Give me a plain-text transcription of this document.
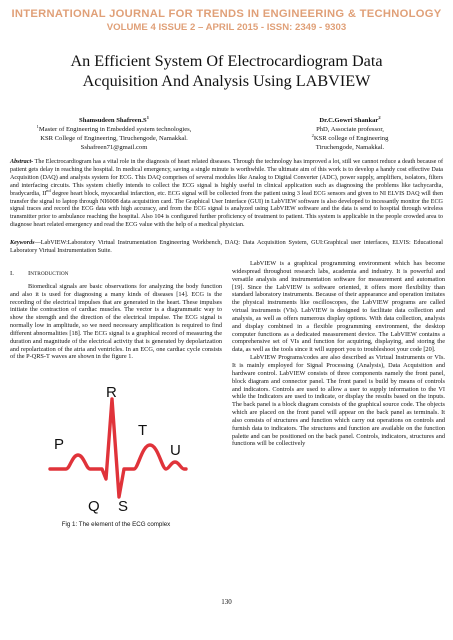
INTERNATIONAL JOURNAL FOR TRENDS IN ENGINEERING & TECHNOLOGY
VOLUME 4 ISSUE 2 – APRIL 2015 - ISSN: 2349 - 9303
An Efficient System Of Electrocardiogram Data
Acquisition And Analysis Using LABVIEW
Shamsudeen $Shafreen.S^1$
$^1$Master of Engineering in Embedded system technologies,
KSR College of Engineering, Tiruchengode, Namakkal.
Sshafreen71@gmail.com
Dr.C.Gowri Shankar$^2$
PhD, Associate professor,
$^2$KSR college of Engineering
Tiruchengode, Namakkal.
Abstract- The Electrocardiogram has a vital role in the diagnosis of heart related diseases. Through the technology has improved a lot, still we cannot reduce a death because of patient gets delay in reaching the hospital. In medical emergency, saving a single minute is worthwhile. The ultimate aim of this work is to develop a handy cost effective Data Acquisition (DAQ) and analysis system for ECG. This DAQ comprises of several modules like Analog to Digital Converter (ADC), power supply, amplifiers, isolators, filters and interfacing circuits. This system chiefly intends to collect the ECG signal is highly useful in clinical application such as diagnosing the problems like tachycardia, bradycardia, IInd degree heart block, myocardial infarction, etc. ECG signal will be collected from the patient using 3 lead ECG sensors and given to NI ELVIS DAQ will then transfer the signal to laptop through NI6008 data acquisition card. The Graphical User Interface (GUI) in LabVIEW software is also developed to incessantly monitor the ECG signal traces and record the ECG data with high accuracy, and from the ECG signal is analyzed using LabVIEW software and the data is send to hospital through wireless transmitter prior to ambulance reaching the hospital. Also 104 is configured further proficiency of treatment to patient. This system is applicable in the people crowded area to diagnose heart related emergency and read the ECG value with the help of a medical physician.
Keywords—LabVIEW:Laboratory Virtual Instrumentation Engineering Workbench, DAQ: Data Acquisition System, GUI:Graphical user interfaces, ELVIS: Educational Laboratory Virtual Instrumentation Suite.
I. INTRODUCTION

Biomedical signals are basic observations for analyzing the body function and also it is used for diagnosing a many kinds of diseases [14]. ECG is the recording of the electrical impulses that are generated in the heart. These impulses initiate the contraction of cardiac muscles. The vector is a diagrammatic way to show the strength and the direction of the electrical impulse. The ECG signal is normally low in amplitude, so we need necessary amplification is required to find different abnormalities [18]. The ECG signal is a graphical record of measuring the duration and magnitude of the electrical activity that is generated by depolarization and repolarization of the atria and ventricles. In an ECG, one cardiac cycle consists of the P-QRS-T waves are shown in the figure 1.

R
P
T
U
Q S
Fig 1: The element of the ECG complex

LabVIEW is a graphical programming environment which has become widespread throughout research labs, academia and industry. It is powerful and versatile analysis and instrumentation software for measurement and automation [19]. Since the LabVIEW is software oriented, it offers more flexibility than standard laboratory instruments. Because of their appearance and operation imitates the physical instruments like oscilloscopes, the LabVIEW programs are called virtual instruments (VIs). LabVIEW is designed to facilitate data collection and analysis, as well as offers numerous display options. With data collection, analysis and display combined in a flexible programming environment, the desktop computer functions as a dedicated measurement device. The LabVIEW contains a comprehensive set of VIs and function for acquiring, displaying, and storing the data, as well as the tools since it will support you to troubleshoot your code [20].

LabVIEW Programs/codes are also described as Virtual Instruments or VIs. It is mainly employed for Signal Processing (Analysis), Data Acquisition and hardware control. LabVIEW consists of three components namely the front panel, block diagram and connector panel. The front panel is build by means of controls and indicators. Controls are used to allow a user to supply information to the VI while the Indicators are used to indicate, or display the results based on the inputs. The back panel is a block diagram consists of the graphical source code. The objects which are placed on the front panel will appear on the back panel as terminals. It also consists of structures and function which carry out operations on controls and furnish data to indicators. The structures and function are available on the function palette and can be positioned on the back panel. Controls, indicators, structures and functions will be collectively

130
